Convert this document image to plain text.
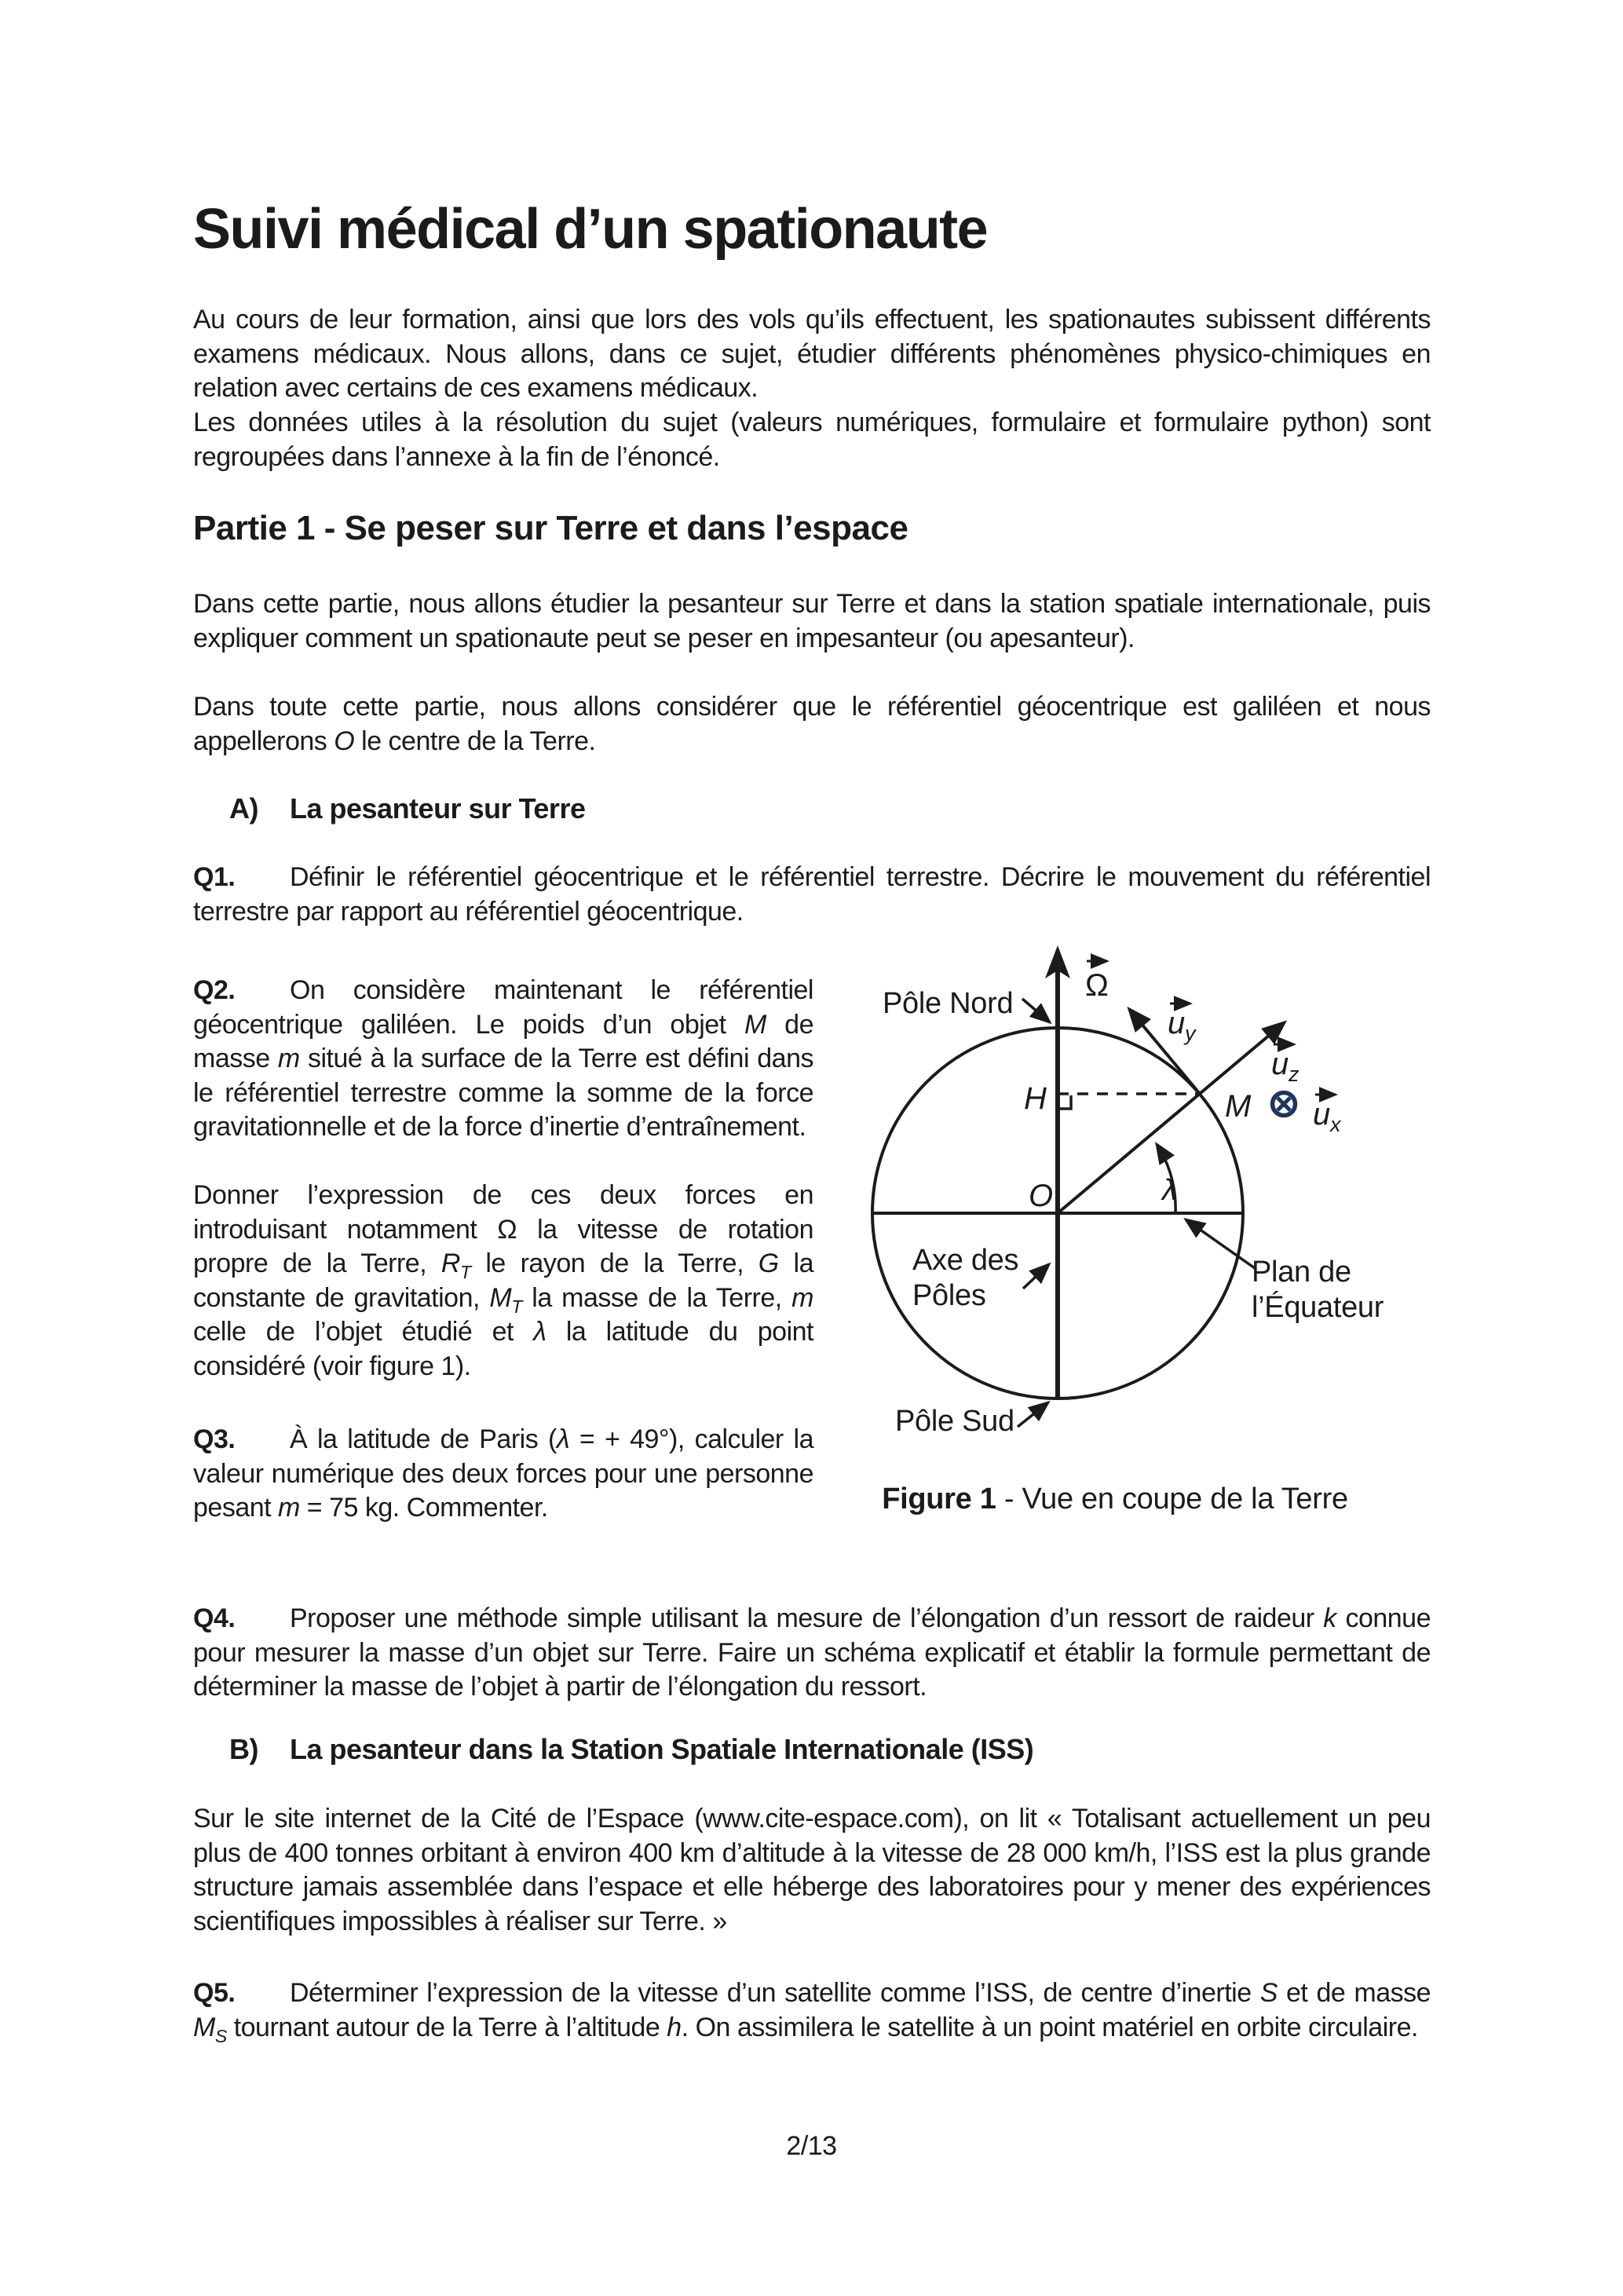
Suivi médical d’un spationaute
Au cours de leur formation, ainsi que lors des vols qu’ils effectuent, les spationautes subissent différents examens médicaux. Nous allons, dans ce sujet, étudier différents phénomènes physico-chimiques en relation avec certains de ces examens médicaux.
Les données utiles à la résolution du sujet (valeurs numériques, formulaire et formulaire python) sont regroupées dans l’annexe à la fin de l’énoncé.
Partie 1 - Se peser sur Terre et dans l’espace
Dans cette partie, nous allons étudier la pesanteur sur Terre et dans la station spatiale internationale, puis expliquer comment un spationaute peut se peser en impesanteur (ou apesanteur).
Dans toute cette partie, nous allons considérer que le référentiel géocentrique est galiléen et nous appellerons O le centre de la Terre.
A) La pesanteur sur Terre
Q1. Définir le référentiel géocentrique et le référentiel terrestre. Décrire le mouvement du référentiel terrestre par rapport au référentiel géocentrique.
Q2. On considère maintenant le référentiel géocentrique galiléen. Le poids d’un objet M de masse m situé à la surface de la Terre est défini dans le référentiel terrestre comme la somme de la force gravitationnelle et de la force d’inertie d’entraînement.
Donner l’expression de ces deux forces en introduisant notamment Ω la vitesse de rotation propre de la Terre, $R_T$ le rayon de la Terre, G la constante de gravitation, $M_T$ la masse de la Terre, m celle de l’objet étudié et λ la latitude du point considéré (voir figure 1).
Ω
$u_y$
$u_z$
$u_x$
H	M
O	λ
Pôle Nord
Axe des
Pôles
Pôle Sud
Plan de
l’Équateur
Q3. À la latitude de Paris (λ = + 49°), calculer la valeur numérique des deux forces pour une personne pesant m = 75 kg. Commenter.	Figure 1 - Vue en coupe de la Terre
Q4. Proposer une méthode simple utilisant la mesure de l’élongation d’un ressort de raideur k connue pour mesurer la masse d’un objet sur Terre. Faire un schéma explicatif et établir la formule permettant de déterminer la masse de l’objet à partir de l’élongation du ressort.
B) La pesanteur dans la Station Spatiale Internationale (ISS)
Sur le site internet de la Cité de l’Espace (www.cite-espace.com), on lit « Totalisant actuellement un peu plus de 400 tonnes orbitant à environ 400 km d’altitude à la vitesse de 28 000 km/h, l’ISS est la plus grande structure jamais assemblée dans l’espace et elle héberge des laboratoires pour y mener des expériences scientifiques impossibles à réaliser sur Terre. »
Q5. Déterminer l’expression de la vitesse d’un satellite comme l’ISS, de centre d’inertie S et de masse $M_S$ tournant autour de la Terre à l’altitude h. On assimilera le satellite à un point matériel en orbite circulaire.
2/13
